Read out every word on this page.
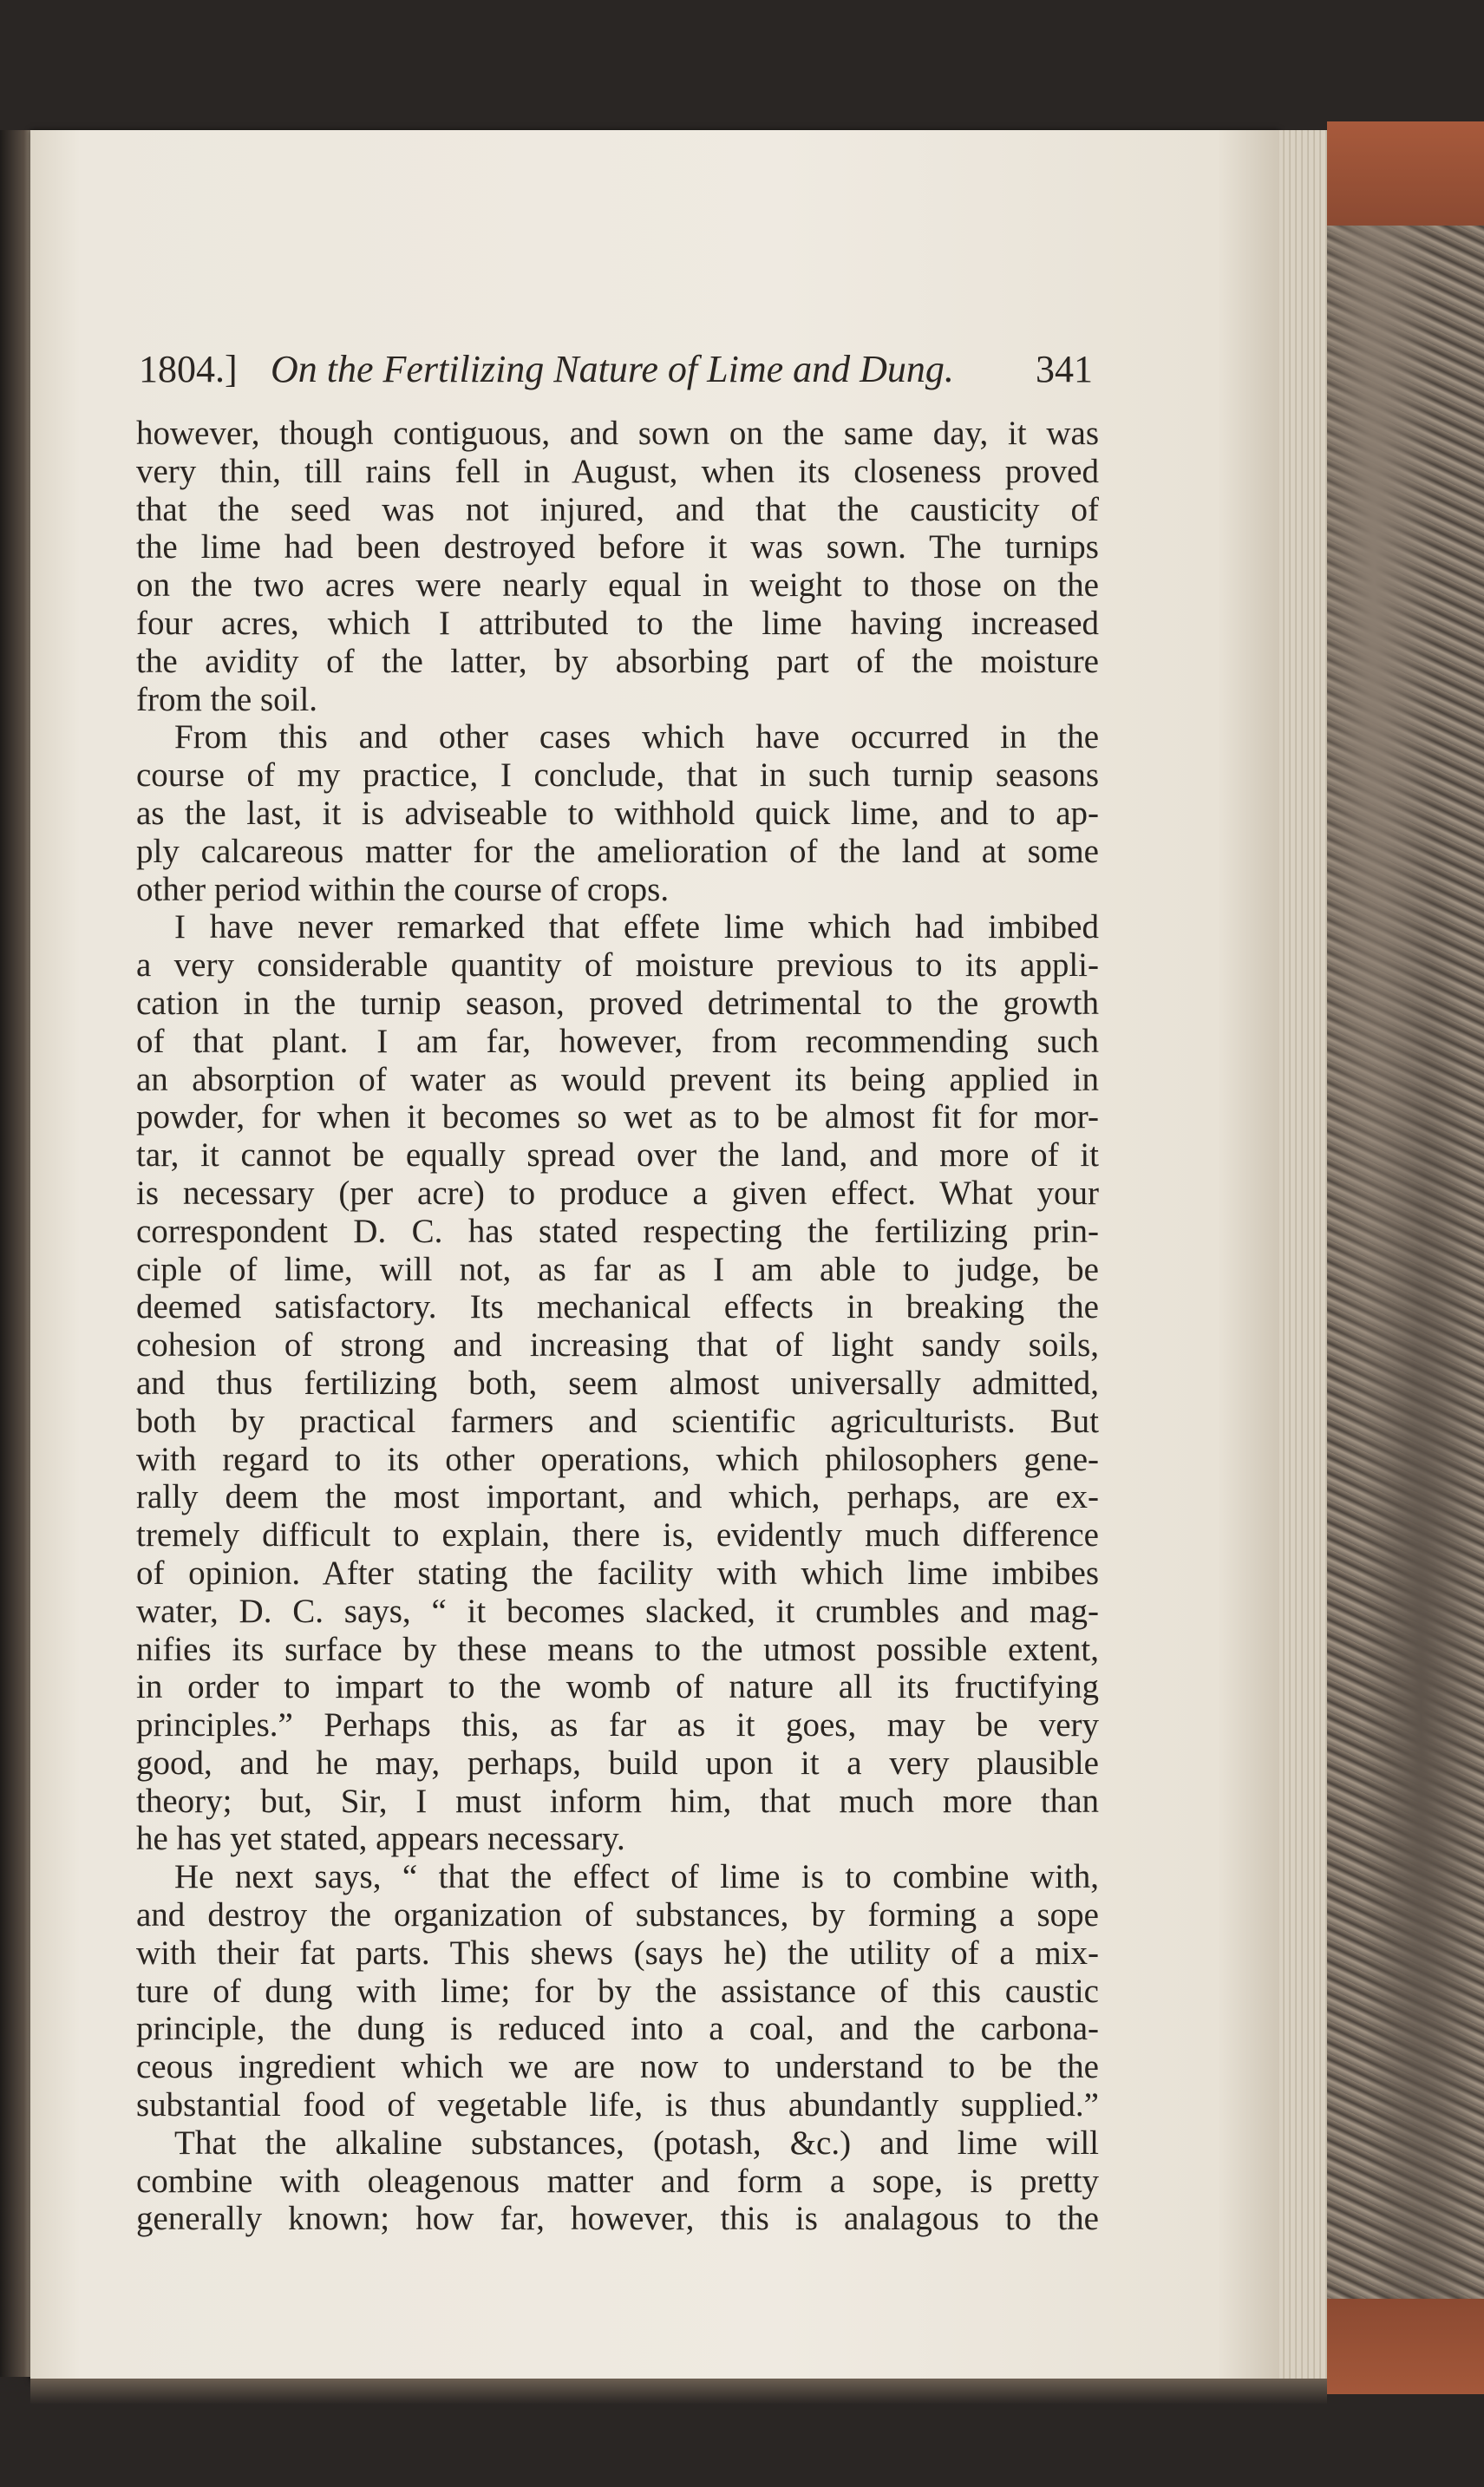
1804.] On the Fertilizing Nature of Lime and Dung. 341
however, though contiguous, and sown on the same day, it was
very thin, till rains fell in August, when its closeness proved
that the seed was not injured, and that the causticity of
the lime had been destroyed before it was sown. The turnips
on the two acres were nearly equal in weight to those on the
four acres, which I attributed to the lime having increased
the avidity of the latter, by absorbing part of the moisture
from the soil.
From this and other cases which have occurred in the
course of my practice, I conclude, that in such turnip seasons
as the last, it is adviseable to withhold quick lime, and to ap-
ply calcareous matter for the amelioration of the land at some
other period within the course of crops.
I have never remarked that effete lime which had imbibed
a very considerable quantity of moisture previous to its appli-
cation in the turnip season, proved detrimental to the growth
of that plant. I am far, however, from recommending such
an absorption of water as would prevent its being applied in
powder, for when it becomes so wet as to be almost fit for mor-
tar, it cannot be equally spread over the land, and more of it
is necessary (per acre) to produce a given effect. What your
correspondent D. C. has stated respecting the fertilizing prin-
ciple of lime, will not, as far as I am able to judge, be
deemed satisfactory. Its mechanical effects in breaking the
cohesion of strong and increasing that of light sandy soils,
and thus fertilizing both, seem almost universally admitted,
both by practical farmers and scientific agriculturists. But
with regard to its other operations, which philosophers gene-
rally deem the most important, and which, perhaps, are ex-
tremely difficult to explain, there is, evidently much difference
of opinion. After stating the facility with which lime imbibes
water, D. C. says, “ it becomes slacked, it crumbles and mag-
nifies its surface by these means to the utmost possible extent,
in order to impart to the womb of nature all its fructifying
principles.” Perhaps this, as far as it goes, may be very
good, and he may, perhaps, build upon it a very plausible
theory; but, Sir, I must inform him, that much more than
he has yet stated, appears necessary.
He next says, “ that the effect of lime is to combine with,
and destroy the organization of substances, by forming a sope
with their fat parts. This shews (says he) the utility of a mix-
ture of dung with lime; for by the assistance of this caustic
principle, the dung is reduced into a coal, and the carbona-
ceous ingredient which we are now to understand to be the
substantial food of vegetable life, is thus abundantly supplied.”
That the alkaline substances, (potash, &c.) and lime will
combine with oleagenous matter and form a sope, is pretty
generally known; how far, however, this is analagous to the
